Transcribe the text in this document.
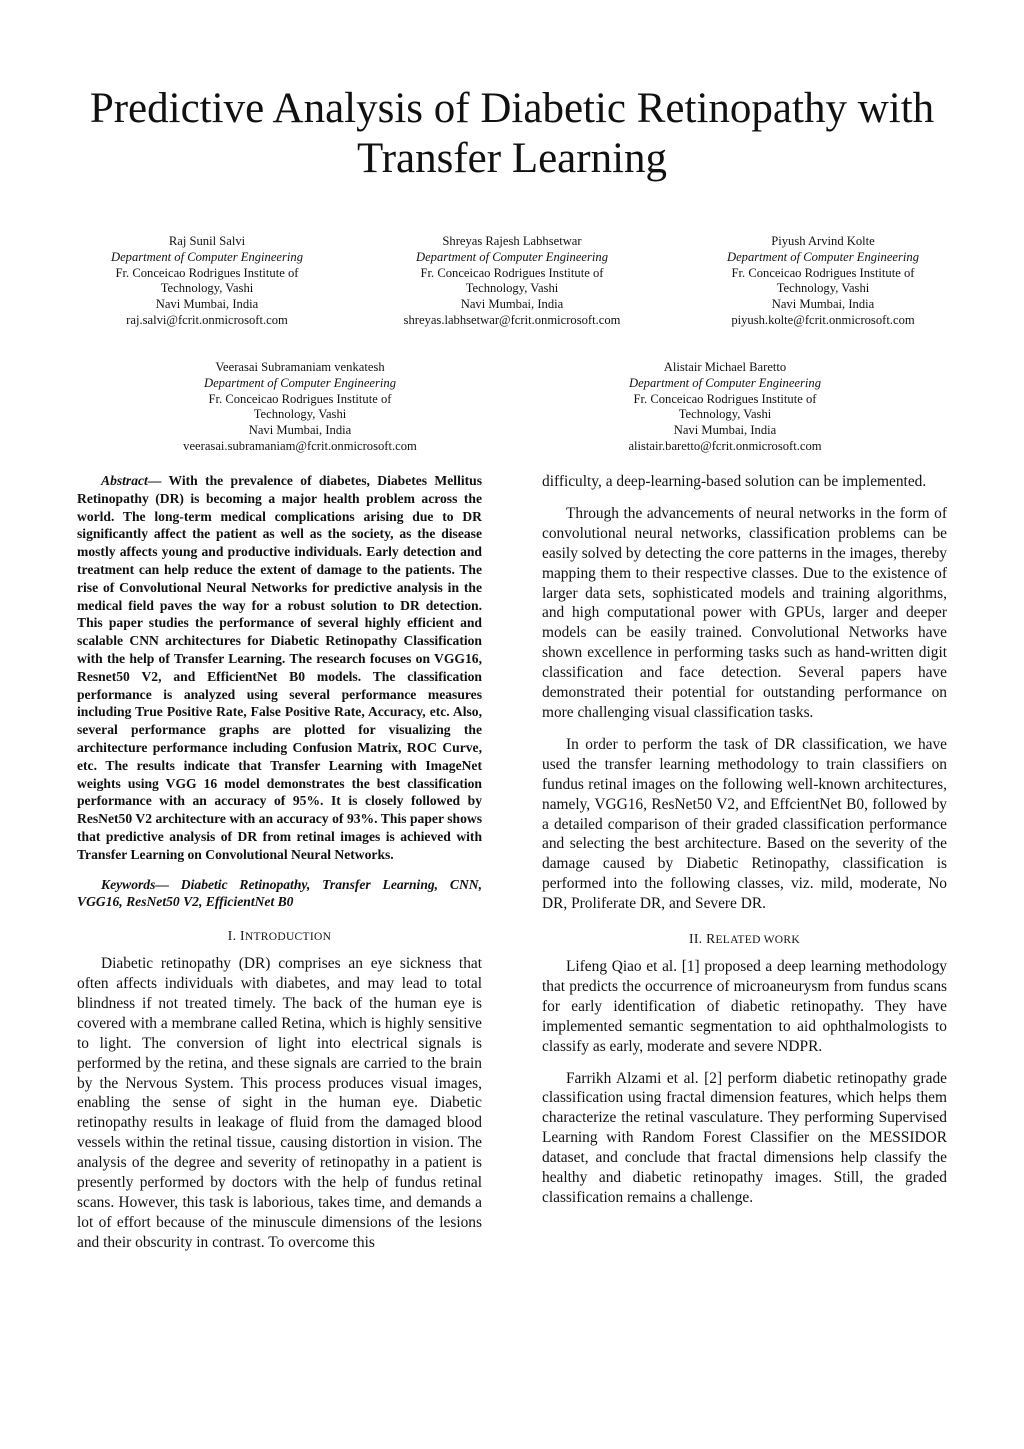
Predictive Analysis of Diabetic Retinopathy with
Transfer Learning
Raj Sunil Salvi
Department of Computer Engineering
Fr. Conceicao Rodrigues Institute of
Technology, Vashi
Navi Mumbai, India
raj.salvi@fcrit.onmicrosoft.com
Shreyas Rajesh Labhsetwar
Department of Computer Engineering
Fr. Conceicao Rodrigues Institute of
Technology, Vashi
Navi Mumbai, India
shreyas.labhsetwar@fcrit.onmicrosoft.com
Piyush Arvind Kolte
Department of Computer Engineering
Fr. Conceicao Rodrigues Institute of
Technology, Vashi
Navi Mumbai, India
piyush.kolte@fcrit.onmicrosoft.com
Veerasai Subramaniam venkatesh
Department of Computer Engineering
Fr. Conceicao Rodrigues Institute of
Technology, Vashi
Navi Mumbai, India
veerasai.subramaniam@fcrit.onmicrosoft.com
Alistair Michael Baretto
Department of Computer Engineering
Fr. Conceicao Rodrigues Institute of
Technology, Vashi
Navi Mumbai, India
alistair.baretto@fcrit.onmicrosoft.com

Abstract— With the prevalence of diabetes, Diabetes Mellitus Retinopathy (DR) is becoming a major health problem across the world. The long-term medical complications arising due to DR significantly affect the patient as well as the society, as the disease mostly affects young and productive individuals. Early detection and treatment can help reduce the extent of damage to the patients. The rise of Convolutional Neural Networks for predictive analysis in the medical field paves the way for a robust solution to DR detection. This paper studies the performance of several highly efficient and scalable CNN architectures for Diabetic Retinopathy Classification with the help of Transfer Learning. The research focuses on VGG16, Resnet50 V2, and EfficientNet B0 models. The classification performance is analyzed using several performance measures including True Positive Rate, False Positive Rate, Accuracy, etc. Also, several performance graphs are plotted for visualizing the architecture performance including Confusion Matrix, ROC Curve, etc. The results indicate that Transfer Learning with ImageNet weights using VGG 16 model demonstrates the best classification performance with an accuracy of 95%. It is closely followed by ResNet50 V2 architecture with an accuracy of 93%. This paper shows that predictive analysis of DR from retinal images is achieved with Transfer Learning on Convolutional Neural Networks.

Keywords— Diabetic Retinopathy, Transfer Learning, CNN, VGG16, ResNet50 V2, EfficientNet B0

I. INTRODUCTION

Diabetic retinopathy (DR) comprises an eye sickness that often affects individuals with diabetes, and may lead to total blindness if not treated timely. The back of the human eye is covered with a membrane called Retina, which is highly sensitive to light. The conversion of light into electrical signals is performed by the retina, and these signals are carried to the brain by the Nervous System. This process produces visual images, enabling the sense of sight in the human eye. Diabetic retinopathy results in leakage of fluid from the damaged blood vessels within the retinal tissue, causing distortion in vision. The analysis of the degree and severity of retinopathy in a patient is presently performed by doctors with the help of fundus retinal scans. However, this task is laborious, takes time, and demands a lot of effort because of the minuscule dimensions of the lesions and their obscurity in contrast. To overcome this

difficulty, a deep-learning-based solution can be implemented.

Through the advancements of neural networks in the form of convolutional neural networks, classification problems can be easily solved by detecting the core patterns in the images, thereby mapping them to their respective classes. Due to the existence of larger data sets, sophisticated models and training algorithms, and high computational power with GPUs, larger and deeper models can be easily trained. Convolutional Networks have shown excellence in performing tasks such as hand-written digit classification and face detection. Several papers have demonstrated their potential for outstanding performance on more challenging visual classification tasks.

In order to perform the task of DR classification, we have used the transfer learning methodology to train classifiers on fundus retinal images on the following well-known architectures, namely, VGG16, ResNet50 V2, and EffcientNet B0, followed by a detailed comparison of their graded classification performance and selecting the best architecture. Based on the severity of the damage caused by Diabetic Retinopathy, classification is performed into the following classes, viz. mild, moderate, No DR, Proliferate DR, and Severe DR.

II. RELATED WORK

Lifeng Qiao et al. [1] proposed a deep learning methodology that predicts the occurrence of microaneurysm from fundus scans for early identification of diabetic retinopathy. They have implemented semantic segmentation to aid ophthalmologists to classify as early, moderate and severe NDPR.

Farrikh Alzami et al. [2] perform diabetic retinopathy grade classification using fractal dimension features, which helps them characterize the retinal vasculature. They performing Supervised Learning with Random Forest Classifier on the MESSIDOR dataset, and conclude that fractal dimensions help classify the healthy and diabetic retinopathy images. Still, the graded classification remains a challenge.
